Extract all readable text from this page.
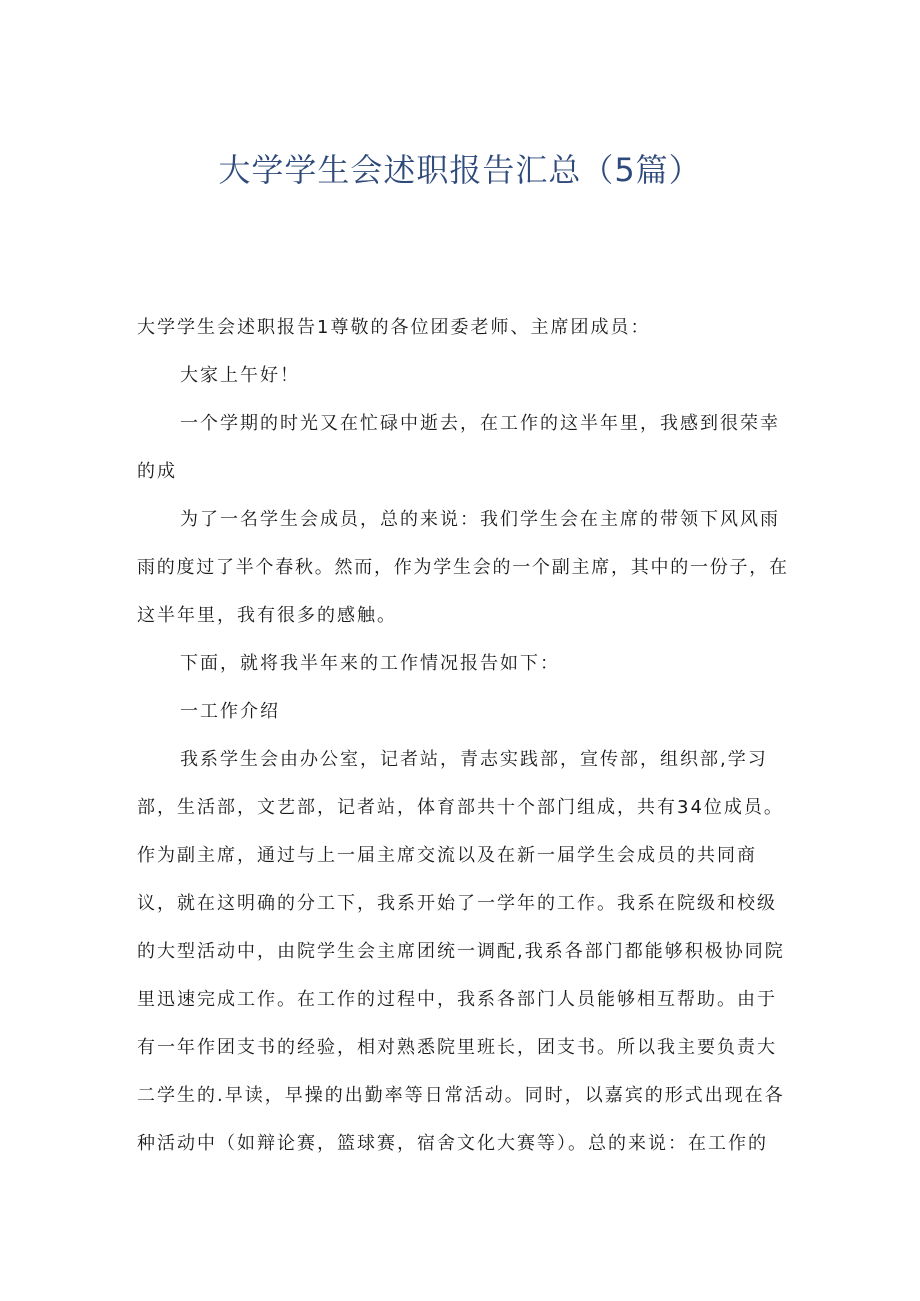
大学学生会述职报告汇总（5篇）

大学学生会述职报告1尊敬的各位团委老师、主席团成员：

大家上午好！

一个学期的时光又在忙碌中逝去，在工作的这半年里，我感到很荣幸

的成

为了一名学生会成员，总的来说：我们学生会在主席的带领下风风雨

雨的度过了半个春秋。然而，作为学生会的一个副主席，其中的一份子，在

这半年里，我有很多的感触。

下面，就将我半年来的工作情况报告如下：

一工作介绍

我系学生会由办公室，记者站，青志实践部，宣传部，组织部,学习

部，生活部，文艺部，记者站，体育部共十个部门组成，共有34位成员。

作为副主席，通过与上一届主席交流以及在新一届学生会成员的共同商

议，就在这明确的分工下，我系开始了一学年的工作。我系在院级和校级

的大型活动中，由院学生会主席团统一调配,我系各部门都能够积极协同院

里迅速完成工作。在工作的过程中，我系各部门人员能够相互帮助。由于

有一年作团支书的经验，相对熟悉院里班长，团支书。所以我主要负责大

二学生的.早读，早操的出勤率等日常活动。同时，以嘉宾的形式出现在各

种活动中（如辩论赛，篮球赛，宿舍文化大赛等）。总的来说：在工作的
